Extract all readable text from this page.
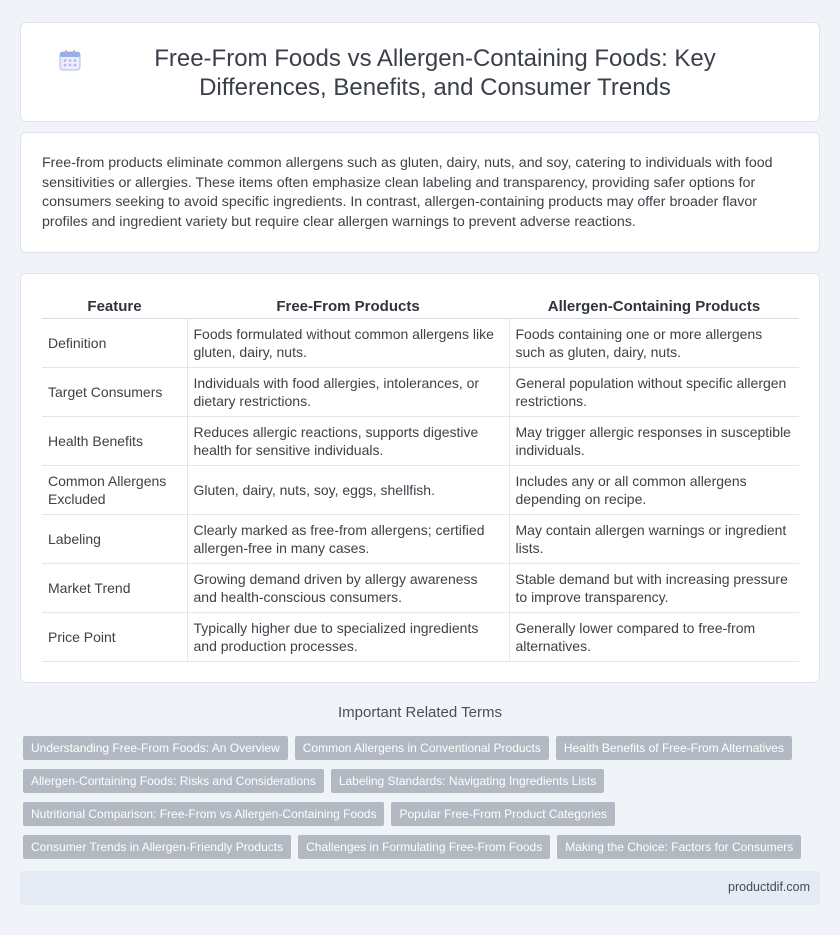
Free-From Foods vs Allergen-Containing Foods: Key Differences, Benefits, and Consumer Trends

Free-from products eliminate common allergens such as gluten, dairy, nuts, and soy, catering to individuals with food sensitivities or allergies. These items often emphasize clean labeling and transparency, providing safer options for consumers seeking to avoid specific ingredients. In contrast, allergen-containing products may offer broader flavor profiles and ingredient variety but require clear allergen warnings to prevent adverse reactions.

Feature	Free-From Products	Allergen-Containing Products
Definition	Foods formulated without common allergens like gluten, dairy, nuts.	Foods containing one or more allergens such as gluten, dairy, nuts.
Target Consumers	Individuals with food allergies, intolerances, or dietary restrictions.	General population without specific allergen restrictions.
Health Benefits	Reduces allergic reactions, supports digestive health for sensitive individuals.	May trigger allergic responses in susceptible individuals.
Common Allergens Excluded	Gluten, dairy, nuts, soy, eggs, shellfish.	Includes any or all common allergens depending on recipe.
Labeling	Clearly marked as free-from allergens; certified allergen-free in many cases.	May contain allergen warnings or ingredient lists.
Market Trend	Growing demand driven by allergy awareness and health-conscious consumers.	Stable demand but with increasing pressure to improve transparency.
Price Point	Typically higher due to specialized ingredients and production processes.	Generally lower compared to free-from alternatives.
Important Related Terms
Understanding Free-From Foods: An Overview	Common Allergens in Conventional Products	Health Benefits of Free-From Alternatives
Allergen-Containing Foods: Risks and Considerations	Labeling Standards: Navigating Ingredients Lists
Nutritional Comparison: Free-From vs Allergen-Containing Foods	Popular Free-From Product Categories
Consumer Trends in Allergen-Friendly Products	Challenges in Formulating Free-From Foods	Making the Choice: Factors for Consumers
productdif.com
